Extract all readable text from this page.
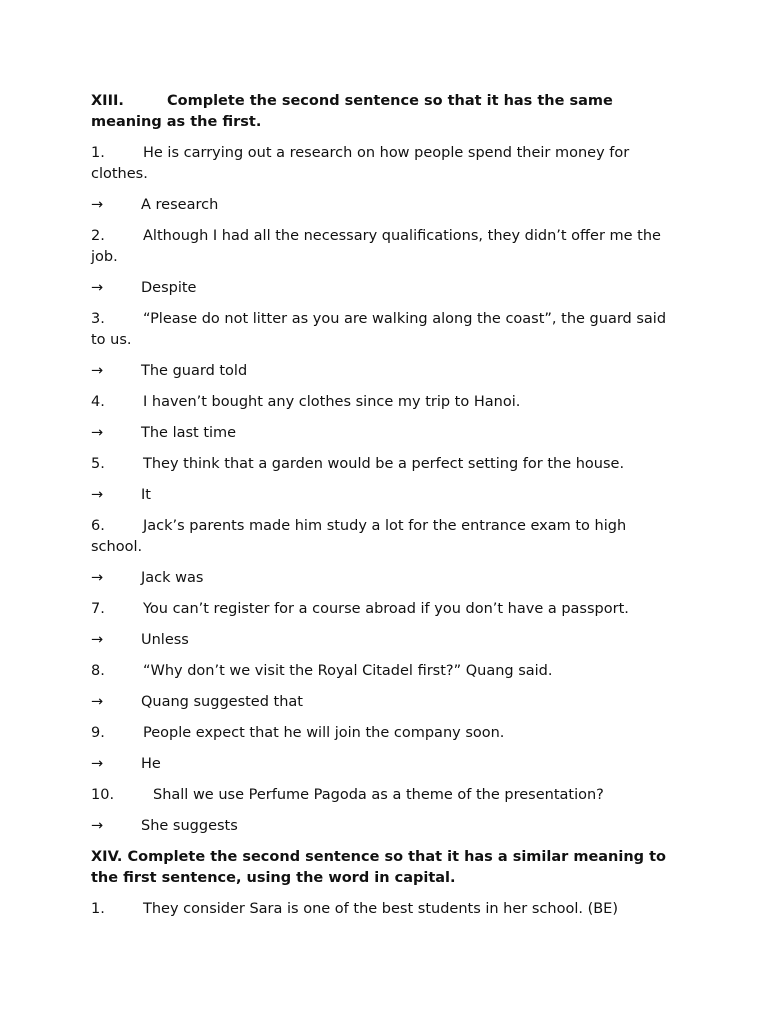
XIII.	Complete the second sentence so that it has the same meaning as the first.
1.	He is carrying out a research on how people spend their money for clothes.
→	A research
2.	Although I had all the necessary qualifications, they didn’t offer me the job.
→	Despite
3.	“Please do not litter as you are walking along the coast”, the guard said to us.
→	The guard told
4.	I haven’t bought any clothes since my trip to Hanoi.
→	The last time
5.	They think that a garden would be a perfect setting for the house.
→	It
6.	Jack’s parents made him study a lot for the entrance exam to high school.
→	Jack was
7.	You can’t register for a course abroad if you don’t have a passport.
→	Unless
8.	“Why don’t we visit the Royal Citadel first?” Quang said.
→	Quang suggested that
9.	People expect that he will join the company soon.
→	He
10.	Shall we use Perfume Pagoda as a theme of the presentation?
→	She suggests
XIV. Complete the second sentence so that it has a similar meaning to the first sentence, using the word in capital.
1.	They consider Sara is one of the best students in her school. (BE)
